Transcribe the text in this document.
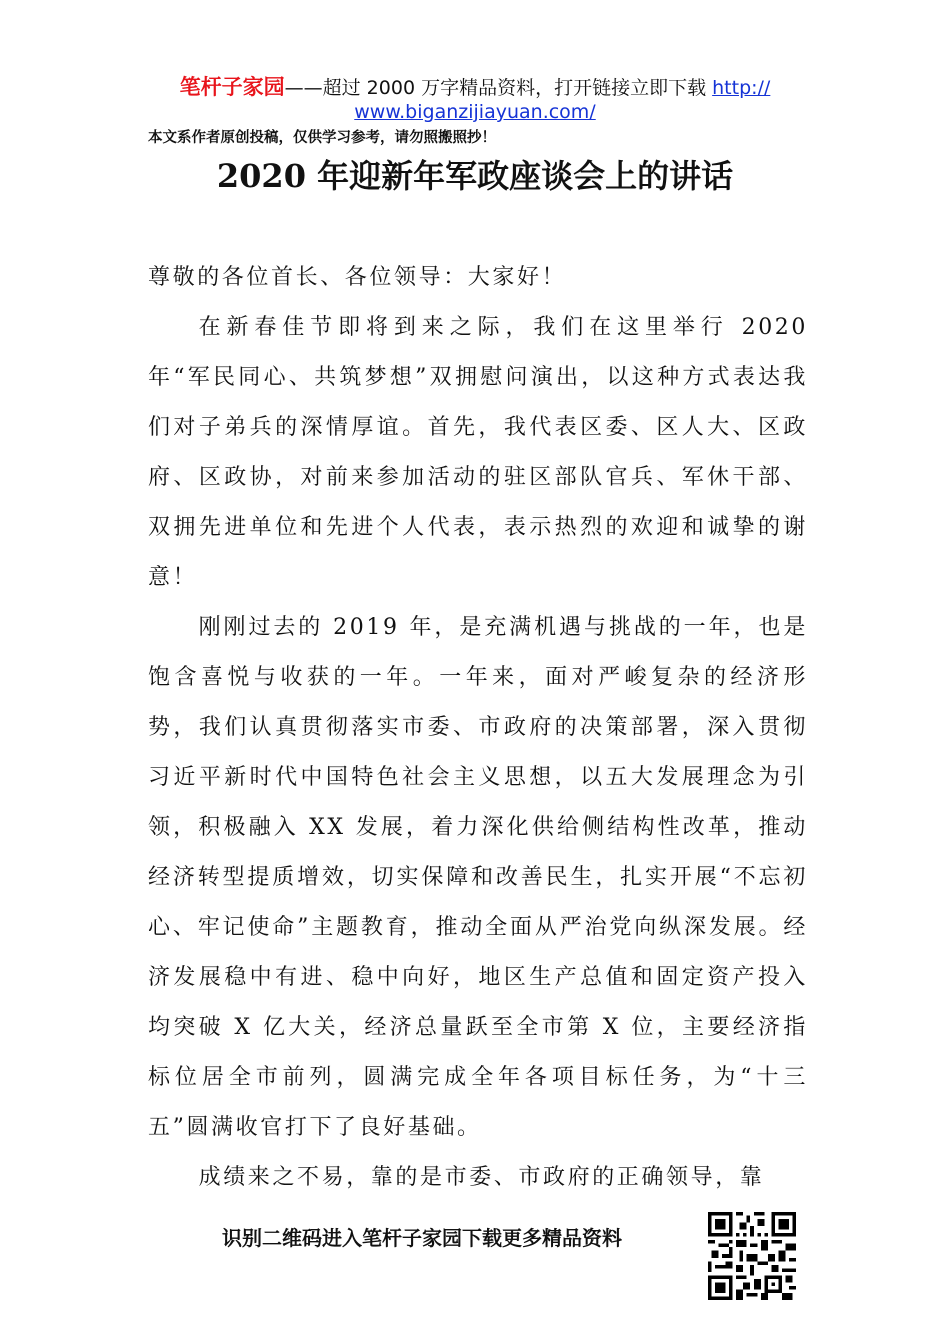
笔杆子家园——超过 2000 万字精品资料，打开链接立即下载 http://
www.biganzijiayuan.com/
本文系作者原创投稿，仅供学习参考，请勿照搬照抄！
2020 年迎新年军政座谈会上的讲话

尊敬的各位首长、各位领导：大家好！

在新春佳节即将到来之际，我们在这里举行 2020 年“军民同心、共筑梦想”双拥慰问演出，以这种方式表达我们对子弟兵的深情厚谊。首先，我代表区委、区人大、区政府、区政协，对前来参加活动的驻区部队官兵、军休干部、双拥先进单位和先进个人代表，表示热烈的欢迎和诚挚的谢意！

刚刚过去的 2019 年，是充满机遇与挑战的一年，也是饱含喜悦与收获的一年。一年来，面对严峻复杂的经济形势，我们认真贯彻落实市委、市政府的决策部署，深入贯彻习近平新时代中国特色社会主义思想，以五大发展理念为引领，积极融入 XX 发展，着力深化供给侧结构性改革，推动经济转型提质增效，切实保障和改善民生，扎实开展“不忘初心、牢记使命”主题教育，推动全面从严治党向纵深发展。经济发展稳中有进、稳中向好，地区生产总值和固定资产投入均突破 X 亿大关，经济总量跃至全市第 X 位，主要经济指标位居全市前列，圆满完成全年各项目标任务，为“十三五”圆满收官打下了良好基础。

成绩来之不易，靠的是市委、市政府的正确领导，靠

识别二维码进入笔杆子家园下载更多精品资料
